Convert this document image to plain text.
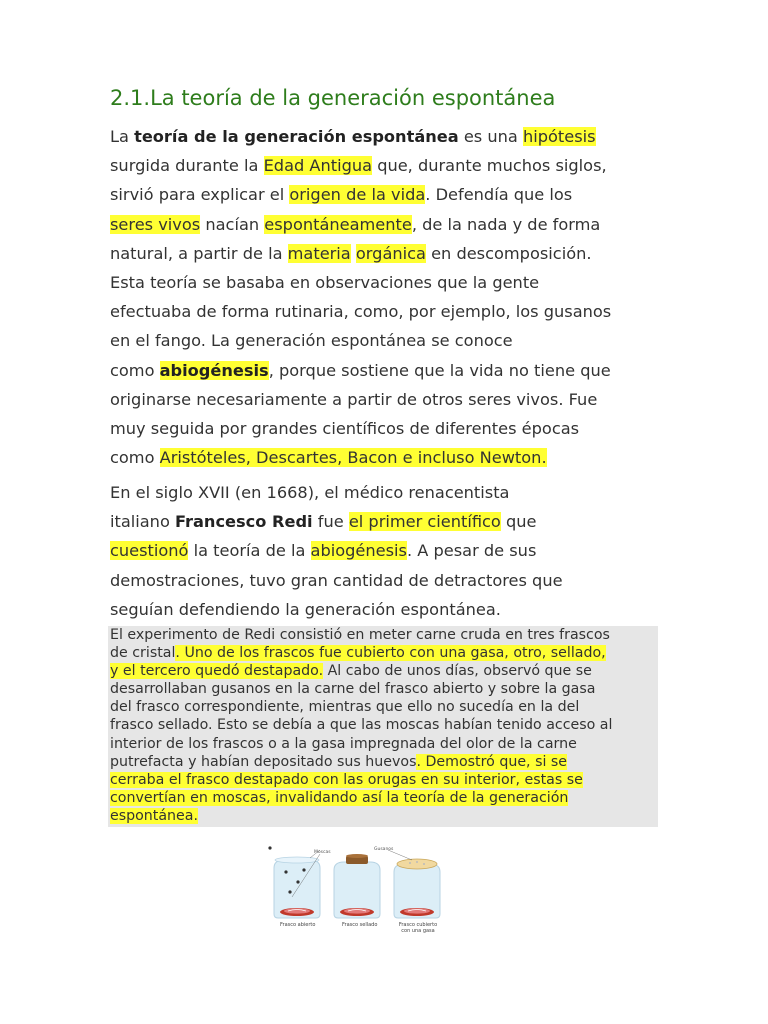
2.1.La teoría de la generación espontánea
La teoría de la generación espontánea es una hipótesis
surgida durante la Edad Antigua que, durante muchos siglos,
sirvió para explicar el origen de la vida. Defendía que los
seres vivos nacían espontáneamente, de la nada y de forma
natural, a partir de la materia orgánica en descomposición.
Esta teoría se basaba en observaciones que la gente
efectuaba de forma rutinaria, como, por ejemplo, los gusanos
en el fango. La generación espontánea se conoce
como abiogénesis, porque sostiene que la vida no tiene que
originarse necesariamente a partir de otros seres vivos. Fue
muy seguida por grandes científicos de diferentes épocas
como Aristóteles, Descartes, Bacon e incluso Newton.
En el siglo XVII (en 1668), el médico renacentista
italiano Francesco Redi fue el primer científico que
cuestionó la teoría de la abiogénesis. A pesar de sus
demostraciones, tuvo gran cantidad de detractores que
seguían defendiendo la generación espontánea.
El experimento de Redi consistió en meter carne cruda en tres frascos
de cristal. Uno de los frascos fue cubierto con una gasa, otro, sellado,
y el tercero quedó destapado. Al cabo de unos días, observó que se
desarrollaban gusanos en la carne del frasco abierto y sobre la gasa
del frasco correspondiente, mientras que ello no sucedía en la del
frasco sellado. Esto se debía a que las moscas habían tenido acceso al
interior de los frascos o a la gasa impregnada del olor de la carne
putrefacta y habían depositado sus huevos. Demostró que, si se
cerraba el frasco destapado con las orugas en su interior, estas se
convertían en moscas, invalidando así la teoría de la generación
espontánea.
Moscas
Gusanos
Frasco abierto	Frasco sellado	Frasco cubierto con una gasa
